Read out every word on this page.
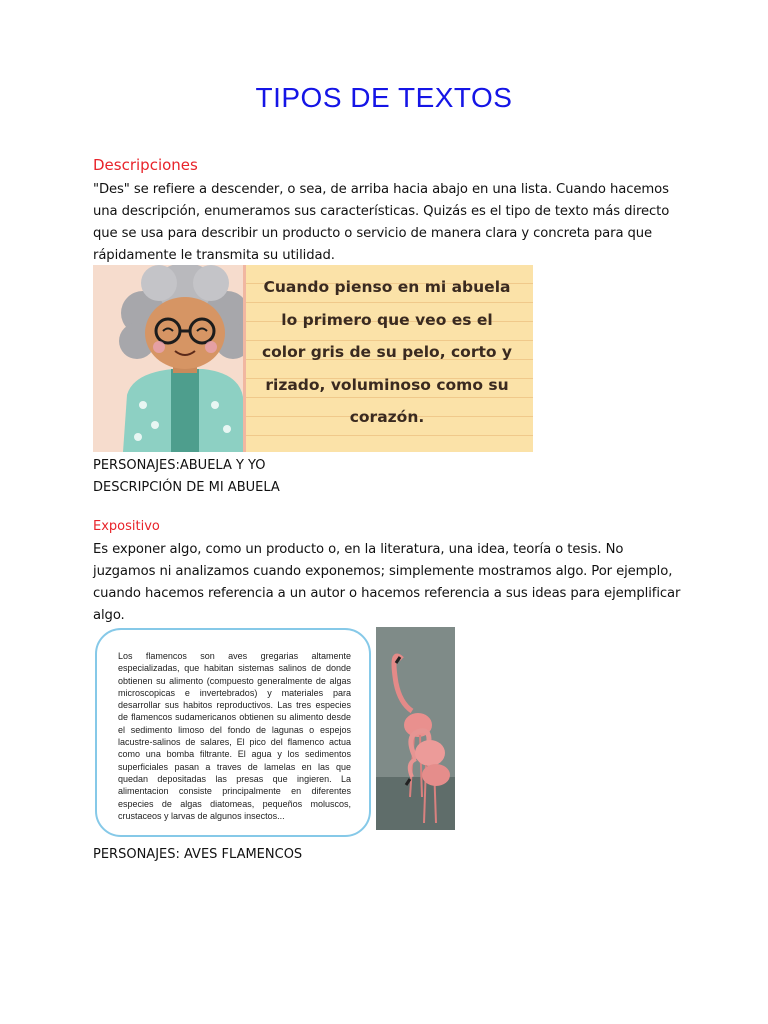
TIPOS DE TEXTOS
Descripciones

"Des" se refiere a descender, o sea, de arriba hacia abajo en una lista. Cuando hacemos una descripción, enumeramos sus características. Quizás es el tipo de texto más directo que se usa para describir un producto o servicio de manera clara y concreta para que rápidamente le transmita su utilidad.

Cuando pienso en mi abuela
lo primero que veo es el
color gris de su pelo, corto y
rizado, voluminoso como su
corazón.
PERSONAJES:ABUELA Y YO
DESCRIPCIÓN DE MI ABUELA
Expositivo

Es exponer algo, como un producto o, en la literatura, una idea, teoría o tesis. No juzgamos ni analizamos cuando exponemos; simplemente mostramos algo. Por ejemplo, cuando hacemos referencia a un autor o hacemos referencia a sus ideas para ejemplificar algo.

Los flamencos son aves gregarias altamente especializadas, que habitan sistemas salinos de donde obtienen su alimento (compuesto generalmente de algas microscopicas e invertebrados) y materiales para desarrollar sus habitos reproductivos. Las tres especies de flamencos sudamericanos obtienen su alimento desde el sedimento limoso del fondo de lagunas o espejos lacustre-salinos de salares, El pico del flamenco actua como una bomba filtrante. El agua y los sedimentos superficiales pasan a traves de lamelas en las que quedan depositadas las presas que ingieren. La alimentacion consiste principalmente en diferentes especies de algas diatomeas, pequeños moluscos, crustaceos y larvas de algunos insectos...

PERSONAJES: AVES FLAMENCOS
